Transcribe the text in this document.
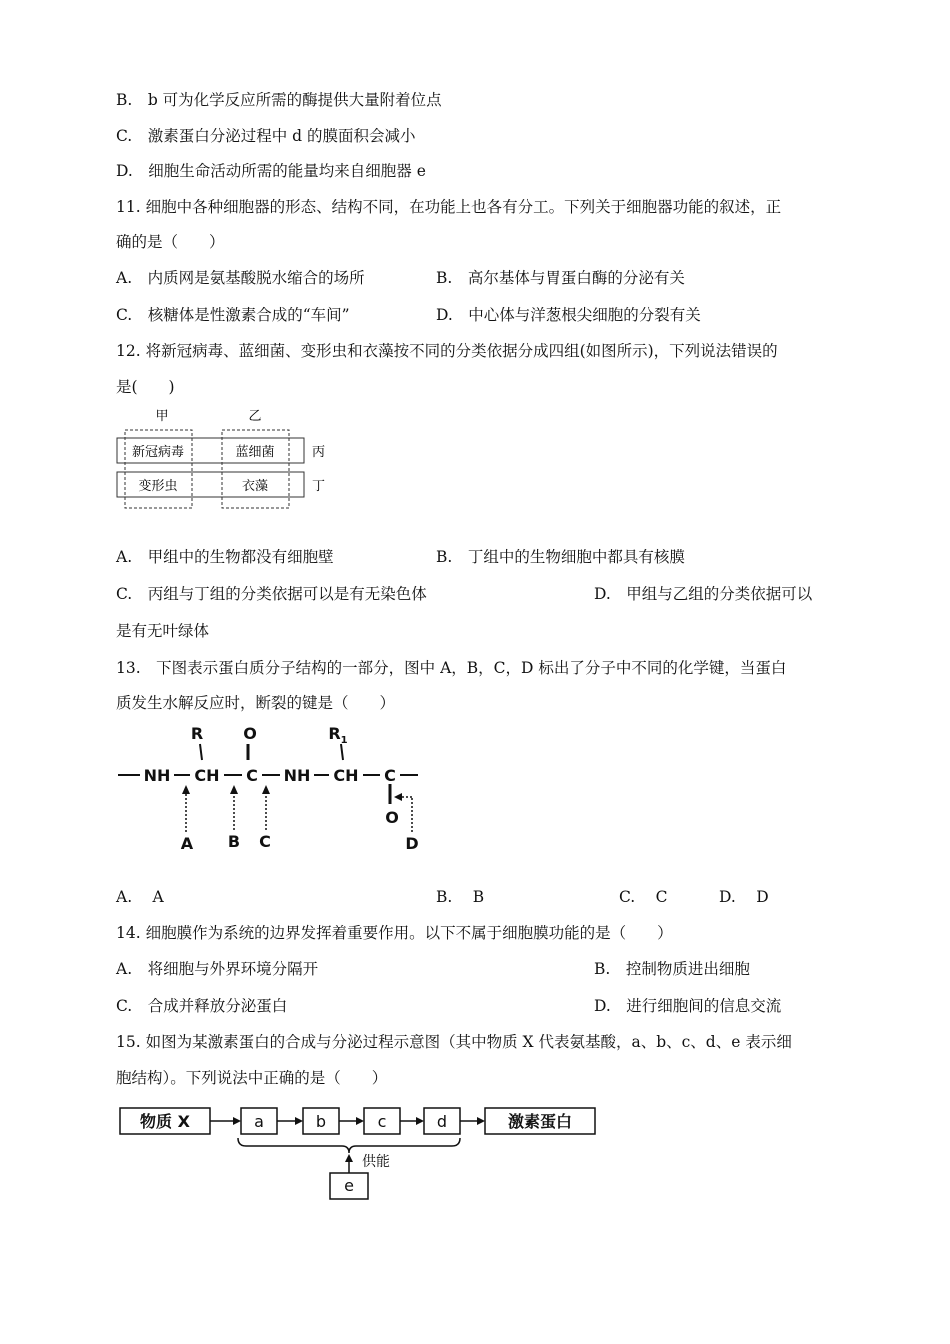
B.　b 可为化学反应所需的酶提供大量附着位点
C.　激素蛋白分泌过程中 d 的膜面积会减小
D.　细胞生命活动所需的能量均来自细胞器 e
11. 细胞中各种细胞器的形态、结构不同，在功能上也各有分工。下列关于细胞器功能的叙述，正
确的是（　　）
A.　内质网是氨基酸脱水缩合的场所	B.　高尔基体与胃蛋白酶的分泌有关
C.　核糖体是性激素合成的“车间”	D.　中心体与洋葱根尖细胞的分裂有关
12. 将新冠病毒、蓝细菌、变形虫和衣藻按不同的分类依据分成四组(如图所示)，下列说法错误的
是(　　)
甲	乙
新冠病毒	蓝细菌
变形虫	衣藻
丙
丁
A.　甲组中的生物都没有细胞壁	B.　丁组中的生物细胞中都具有核膜
C.　丙组与丁组的分类依据可以是有无染色体	D.　甲组与乙组的分类依据可以
是有无叶绿体
13.　下图表示蛋白质分子结构的一部分，图中 A，B，C，D 标出了分子中不同的化学键，当蛋白
质发生水解反应时，断裂的键是（　　）
R	O	$R_1$
NH CH C NH CH C
O
A B C	D
A.　 A	B.　 B	C.　 C	D.　 D
14. 细胞膜作为系统的边界发挥着重要作用。以下不属于细胞膜功能的是（　　）
A.　将细胞与外界环境分隔开	B.　控制物质进出细胞
C.　合成并释放分泌蛋白	D.　进行细胞间的信息交流
15. 如图为某激素蛋白的合成与分泌过程示意图（其中物质 X 代表氨基酸，a、b、c、d、e 表示细
胞结构）。下列说法中正确的是（　　）
物质 X	a	b	c	d	激素蛋白
供能
e
